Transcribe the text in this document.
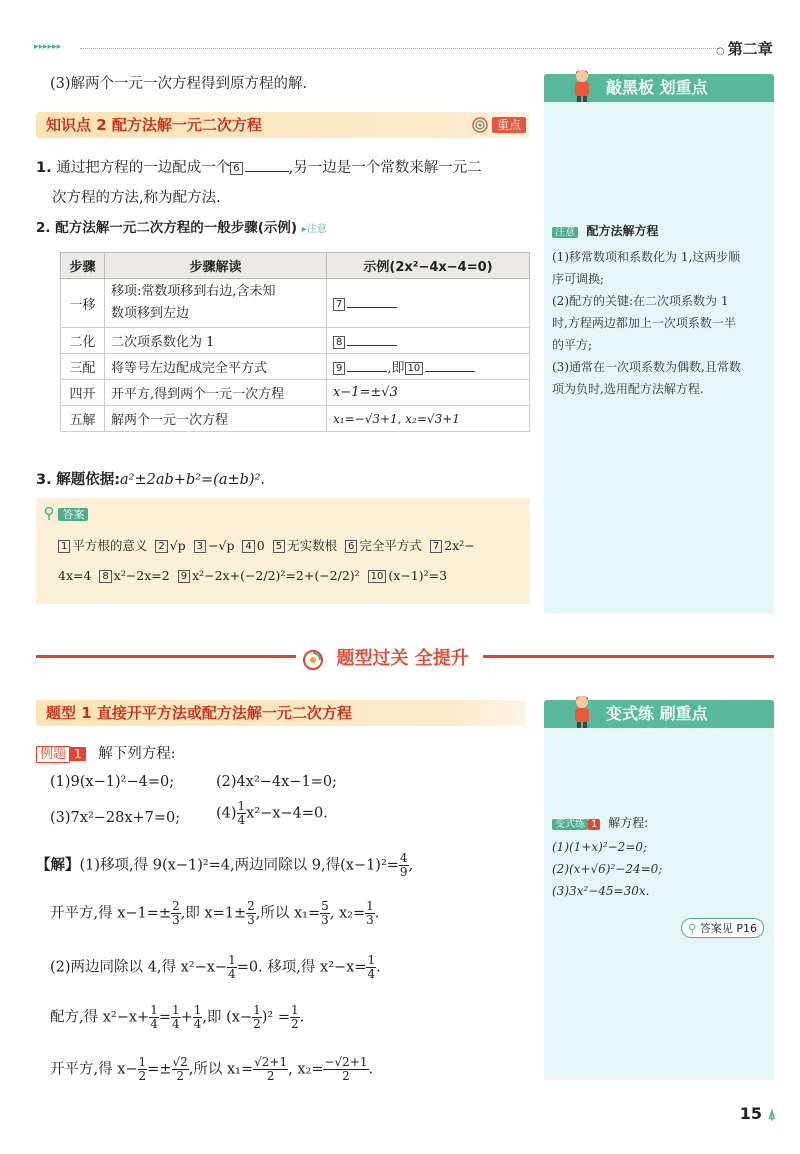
▸▸▸▸▸▸	○ 第二章
(3)解两个一元一次方程得到原方程的解.	敲黑板 划重点
注意 配方法解方程
(1)移常数项和系数化为 1,这两步顺
序可调换;
(2)配方的关键:在二次项系数为 1
时,方程两边都加上一次项系数一半
的平方;
(3)通常在一次项系数为偶数,且常数
项为负时,选用配方法解方程.
知识点 2 配方法解一元二次方程	重点
1. 通过把方程的一边配成一个 6	,另一边是一个常数来解一元二
次方程的方法,称为配方法.
2. 配方法解一元二次方程的一般步骤(示例) ▸注意
步骤	步骤解读	示例(2x²−4x−4=0)
一移	移项:常数项移到右边,含未知
数项移到左边	7
二化	二次项系数化为 1	8
三配	将等号左边配成完全平方式	9 ,即 10
四开	开平方,得到两个一元一次方程	x−1=±√3
五解	解两个一元一次方程	x₁=−√3+1, x₂=√3+1
3. 解题依据:a²±2ab+b²=(a±b)².
答案
1 平方根的意义 2 √p 3 −√p 4 0 5 无实数根 6 完全平方式 7 2x²−
4x=4 8 x²−2x=2 9 x²−2x+(−2/2)²=2+(−2/2)² 10 (x−1)²=3
题型过关 全提升
题型 1 直接开平方法或配方法解一元二次方程	变式练 刷重点
变式练 1 解方程:
(1)(1+x)²−2=0;
(2)(x+√6)²−24=0;
(3)3x²−45=30x.
⚲ 答案见 P16
例题 1 解下列方程:
(1)9(x−1)²−4=0;	(2)4x²−4x−1=0;
(3)7x²−28x+7=0; $(4) \frac{1}{4} x^2-x-4=0$.
【解】(1)移项,得 9(x−1)²=4,两边同除以 9,得$(x-1)^2= \frac{4}{9}$ ,
开平方,得 $x-1=\pm \frac{2}{3}$ ,即 $x=1\pm \frac{2}{3}$ ,所以 $x_1= \frac{5}{3}$ , $x_2= \frac{1}{3}$ .
(2)两边同除以 4,得 $x^2-x- \frac{1}{4} =0$. 移项,得 $x^2-x= \frac{1}{4}$ .
配方,得 $x^2-x+ \frac{1}{4} = \frac{1}{4} + \frac{1}{4}$ ,即 $(x- \frac{1}{2} )^2 = \frac{1}{2}$ .
开平方,得 $x- \frac{1}{2} =\pm \frac{√2}{2}$ ,所以 $x_1= \frac{√2+1}{2}$ , $x_2= \frac{-√2+1}{2}$ .
15 ⍋
